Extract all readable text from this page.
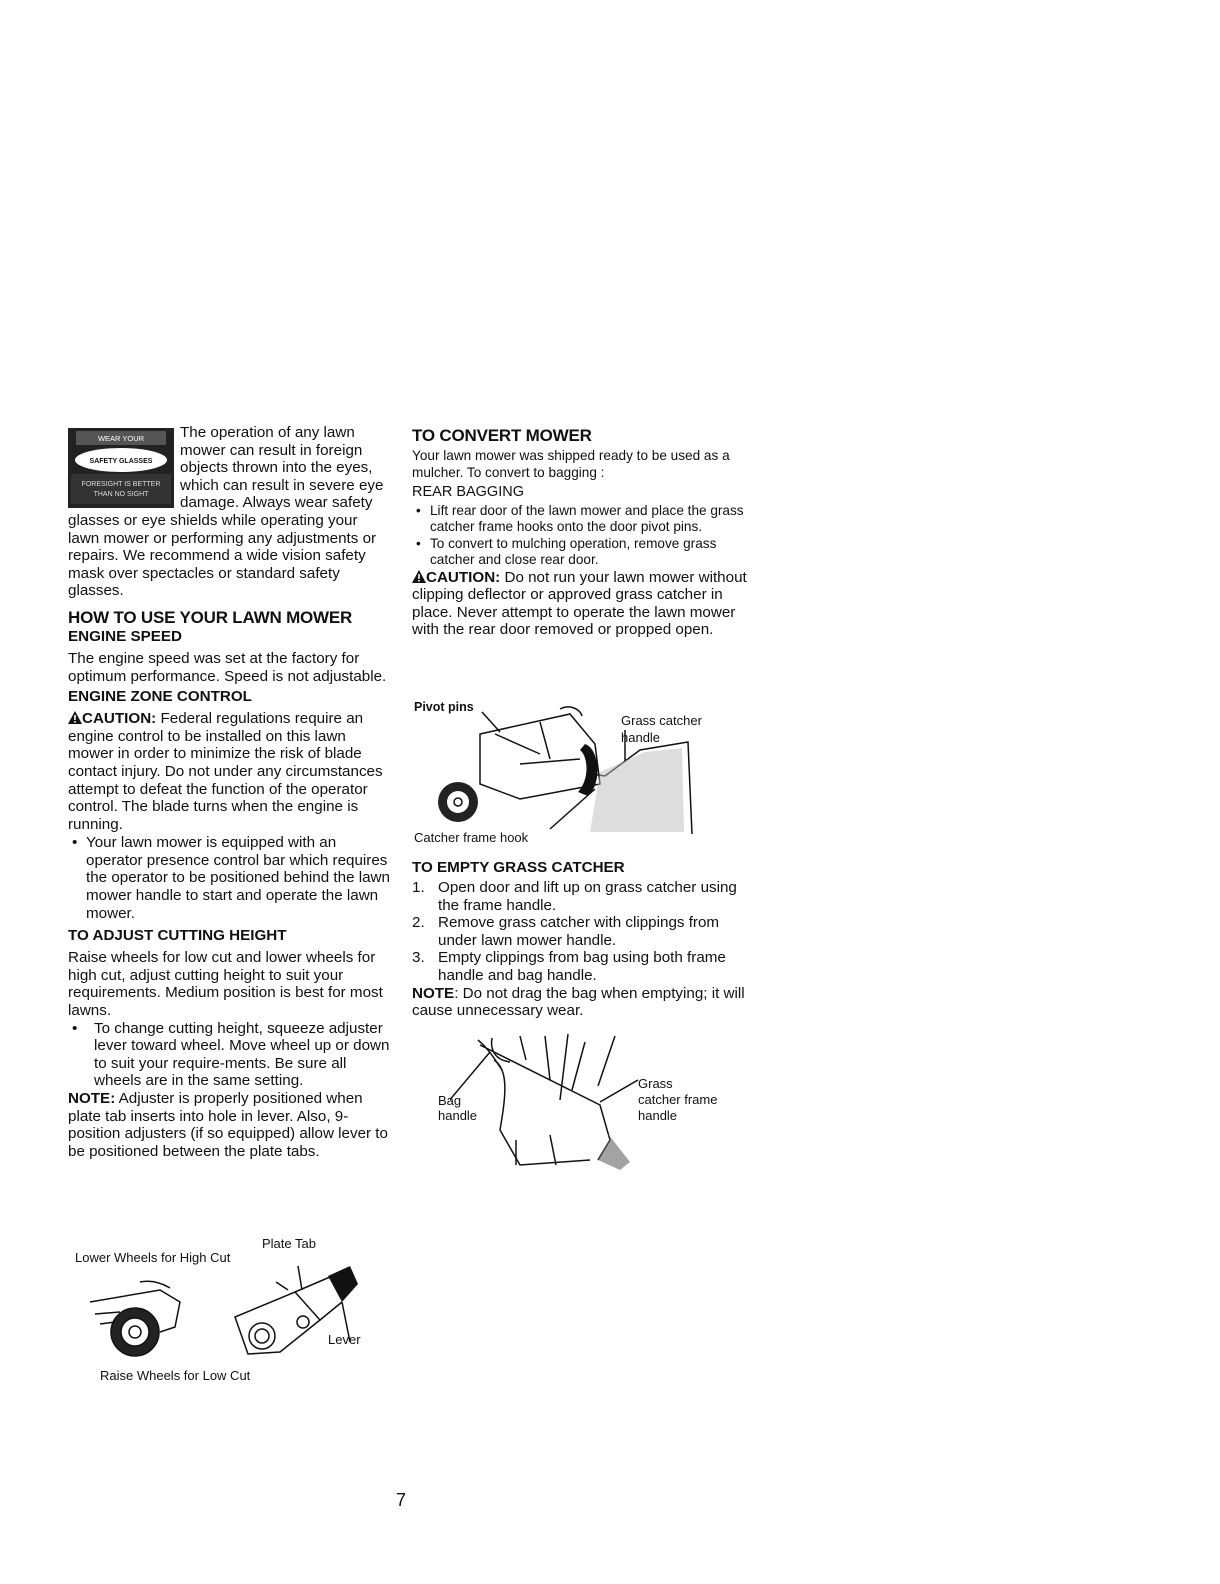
WEAR YOUR
SAFETY GLASSES
FORESIGHT IS BETTER
THAN NO SIGHT

The operation of any lawn mower can result in foreign objects thrown into the eyes, which can result in severe eye damage. Always wear safety glasses or eye shields while operating your lawn mower or performing any adjustments or repairs. We recommend a wide vision safety mask over spectacles or standard safety glasses.

HOW TO USE YOUR LAWN MOWER

ENGINE SPEED

The engine speed was set at the factory for optimum performance. Speed is not adjustable.

ENGINE ZONE CONTROL

CAUTION: Federal regulations require an engine control to be installed on this lawn mower in order to minimize the risk of blade contact injury. Do not under any circumstances attempt to defeat the function of the operator control. The blade turns when the engine is running.

• Your lawn mower is equipped with an operator presence control bar which requires the operator to be positioned behind the lawn mower handle to start and operate the lawn mower.

TO ADJUST CUTTING HEIGHT

Raise wheels for low cut and lower wheels for high cut, adjust cutting height to suit your requirements. Medium position is best for most lawns.

• To change cutting height, squeeze adjuster lever toward wheel. Move wheel up or down to suit your require-ments. Be sure all wheels are in the same setting.

NOTE: Adjuster is properly positioned when plate tab inserts into hole in lever. Also, 9-position adjusters (if so equipped) allow lever to be positioned between the plate tabs.

Plate Tab
Lower Wheels for High Cut
Lever
Raise Wheels for Low Cut

TO CONVERT MOWER

Your lawn mower was shipped ready to be used as a mulcher. To convert to bagging :

REAR BAGGING

• Lift rear door of the lawn mower and place the grass catcher frame hooks onto the door pivot pins.
• To convert to mulching operation, remove grass catcher and close rear door.

CAUTION: Do not run your lawn mower without clipping deflector or approved grass catcher in place. Never attempt to operate the lawn mower with the rear door removed or propped open.

Pivot pins
Grass catcher
handle
Catcher frame hook

TO EMPTY GRASS CATCHER

1. Open door and lift up on grass catcher using the frame handle.
2. Remove grass catcher with clippings from under lawn mower handle.
3. Empty clippings from bag using both frame handle and bag handle.

NOTE: Do not drag the bag when emptying; it will cause unnecessary wear.

Bag
handle
Grass
catcher frame
handle
7
